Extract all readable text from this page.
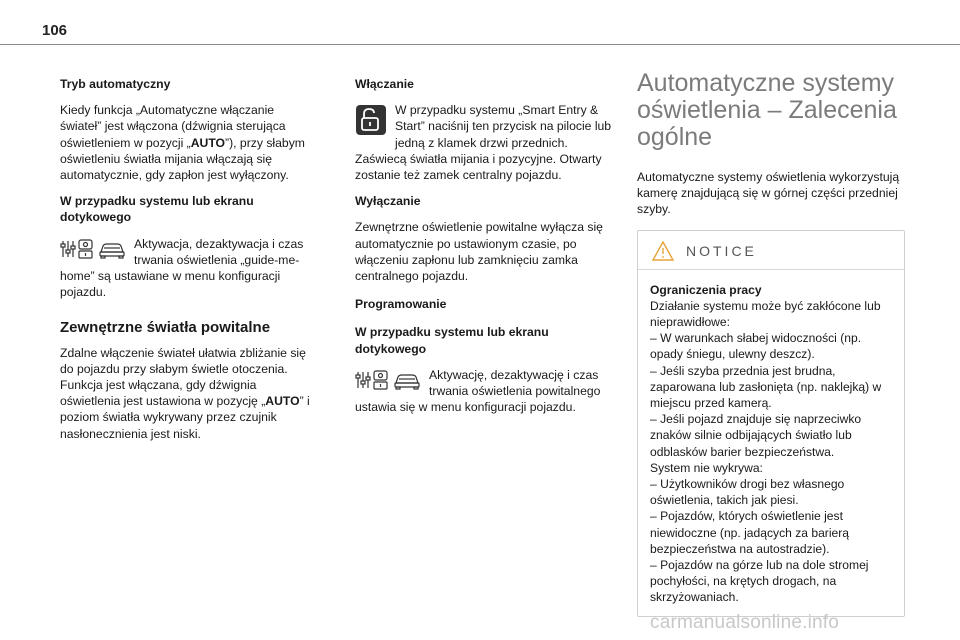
106
Tryb automatyczny
Kiedy funkcja „Automatyczne włączanie świateł” jest włączona (dźwignia sterująca oświetleniem w pozycji „AUTO”), przy słabym oświetleniu światła mijania włączają się automatycznie, gdy zapłon jest wyłączony.
W przypadku systemu lub ekranu dotykowego
Aktywacja, dezaktywacja i czas trwania oświetlenia „guide-me-home” są ustawiane w menu konfiguracji pojazdu.
Zewnętrzne światła powitalne
Zdalne włączenie świateł ułatwia zbliżanie się do pojazdu przy słabym świetle otoczenia. Funkcja jest włączana, gdy dźwignia oświetlenia jest ustawiona w pozycję „AUTO” i poziom światła wykrywany przez czujnik nasłonecznienia jest niski.
Włączanie
W przypadku systemu „Smart Entry & Start” naciśnij ten przycisk na pilocie lub jedną z klamek drzwi przednich. Zaświecą światła mijania i pozycyjne. Otwarty zostanie też zamek centralny pojazdu.
Wyłączanie
Zewnętrzne oświetlenie powitalne wyłącza się automatycznie po ustawionym czasie, po włączeniu zapłonu lub zamknięciu zamka centralnego pojazdu.
Programowanie
W przypadku systemu lub ekranu dotykowego
Aktywację, dezaktywację i czas trwania oświetlenia powitalnego ustawia się w menu konfiguracji pojazdu.
Automatyczne systemy oświetlenia – Zalecenia ogólne
Automatyczne systemy oświetlenia wykorzystują kamerę znajdującą się w górnej części przedniej szyby.
NOTICE
Ograniczenia pracy
Działanie systemu może być zakłócone lub nieprawidłowe:
– W warunkach słabej widoczności (np. opady śniegu, ulewny deszcz).
– Jeśli szyba przednia jest brudna, zaparowana lub zasłonięta (np. naklejką) w miejscu przed kamerą.
– Jeśli pojazd znajduje się naprzeciwko znaków silnie odbijających światło lub odblasków barier bezpieczeństwa.
System nie wykrywa:
– Użytkowników drogi bez własnego oświetlenia, takich jak piesi.
– Pojazdów, których oświetlenie jest niewidoczne (np. jadących za barierą bezpieczeństwa na autostradzie).
– Pojazdów na górze lub na dole stromej pochyłości, na krętych drogach, na skrzyżowaniach.
carmanualsonline.info
